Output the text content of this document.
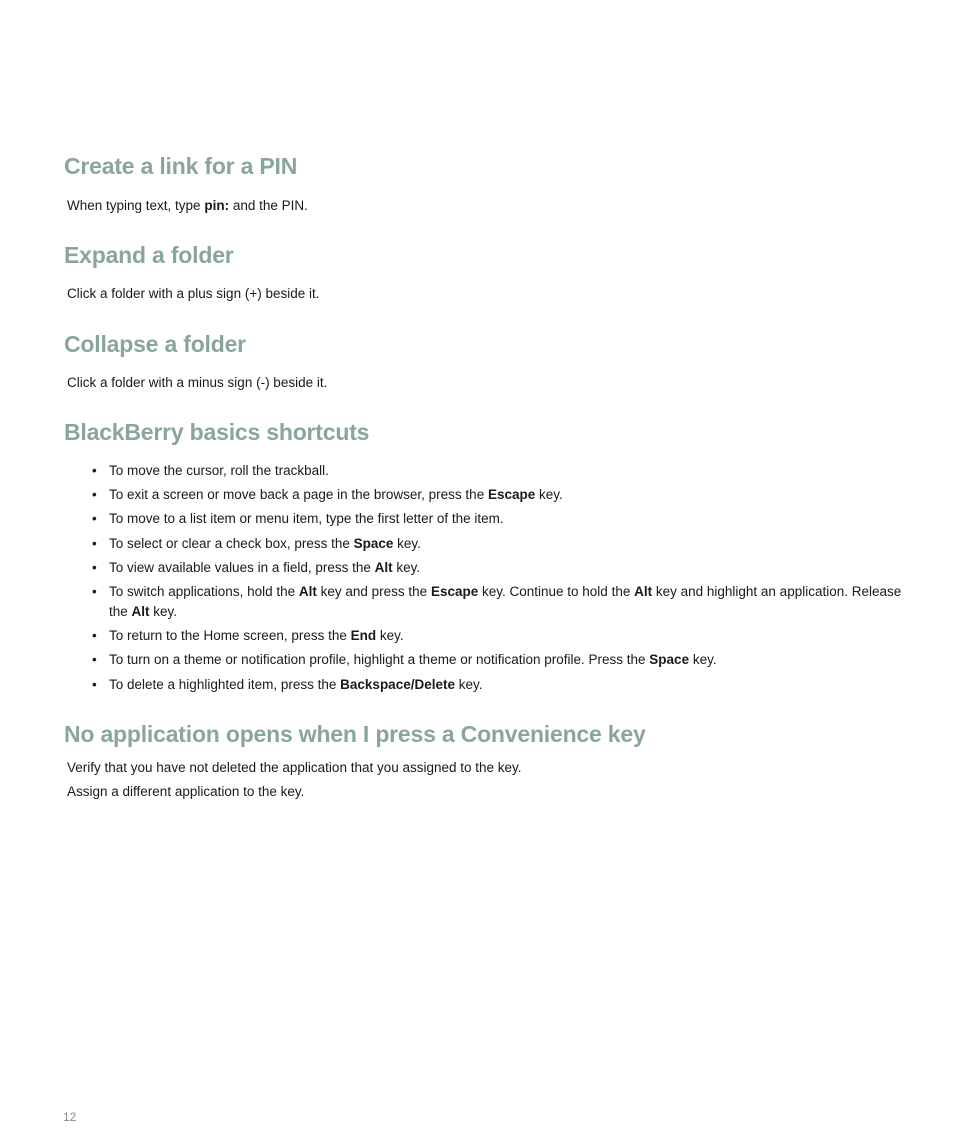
Create a link for a PIN

When typing text, type pin: and the PIN.

Expand a folder

Click a folder with a plus sign (+) beside it.

Collapse a folder

Click a folder with a minus sign (-) beside it.

BlackBerry basics shortcuts
• To move the cursor, roll the trackball.
• To exit a screen or move back a page in the browser, press the Escape key.
• To move to a list item or menu item, type the first letter of the item.
• To select or clear a check box, press the Space key.
• To view available values in a field, press the Alt key.
• To switch applications, hold the Alt key and press the Escape key. Continue to hold the Alt key and highlight an application. Release the Alt key.
• To return to the Home screen, press the End key.
• To turn on a theme or notification profile, highlight a theme or notification profile. Press the Space key.
• To delete a highlighted item, press the Backspace/Delete key.
No application opens when I press a Convenience key

Verify that you have not deleted the application that you assigned to the key.

Assign a different application to the key.

12
